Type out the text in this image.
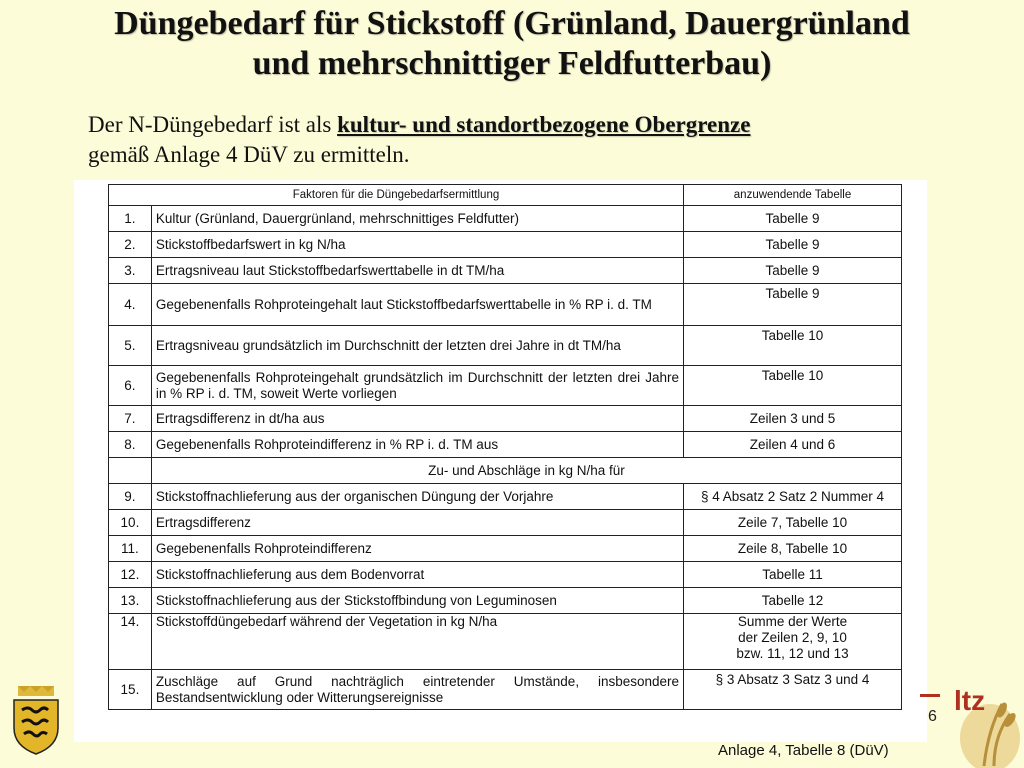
Düngebedarf für Stickstoff (Grünland, Dauergrünland
und mehrschnittiger Feldfutterbau)
Der N-Düngebedarf ist als kultur- und standortbezogene Obergrenze
gemäß Anlage 4 DüV zu ermitteln.
Faktoren für die Düngebedarfsermittlung		anzuwendende Tabelle
1.	Kultur (Grünland, Dauergrünland, mehrschnittiges Feldfutter)	Tabelle 9
2.	Stickstoffbedarfswert in kg N/ha	Tabelle 9
3.	Ertragsniveau laut Stickstoffbedarfswerttabelle in dt TM/ha	Tabelle 9
4.	Gegebenenfalls Rohproteingehalt laut Stickstoffbedarfswerttabelle in % RP i. d. TM	Tabelle 9
5.	Ertragsniveau grundsätzlich im Durchschnitt der letzten drei Jahre in dt TM/ha	Tabelle 10
6.	Gegebenenfalls Rohproteingehalt grundsätzlich im Durchschnitt der letzten drei Jahre in % RP i. d. TM, soweit Werte vorliegen	Tabelle 10
7.	Ertragsdifferenz in dt/ha aus	Zeilen 3 und 5
8.	Gegebenenfalls Rohproteindifferenz in % RP i. d. TM aus	Zeilen 4 und 6
	Zu- und Abschläge in kg N/ha für	
9.	Stickstoffnachlieferung aus der organischen Düngung der Vorjahre	§ 4 Absatz 2 Satz 2 Nummer 4
10.	Ertragsdifferenz	Zeile 7, Tabelle 10
11.	Gegebenenfalls Rohproteindifferenz	Zeile 8, Tabelle 10
12.	Stickstoffnachlieferung aus dem Bodenvorrat	Tabelle 11
13.	Stickstoffnachlieferung aus der Stickstoffbindung von Leguminosen	Tabelle 12
14.	Stickstoffdüngebedarf während der Vegetation in kg N/ha	Summe der Werte
der Zeilen 2, 9, 10
bzw. 11, 12 und 13

15.	Zuschläge auf Grund nachträglich eintretender Umstände, insbesondere Bestandsentwicklung oder Witterungsereignisse	§ 3 Absatz 3 Satz 3 und 4
Anlage 4, Tabelle 8 (DüV)
6
ltz
